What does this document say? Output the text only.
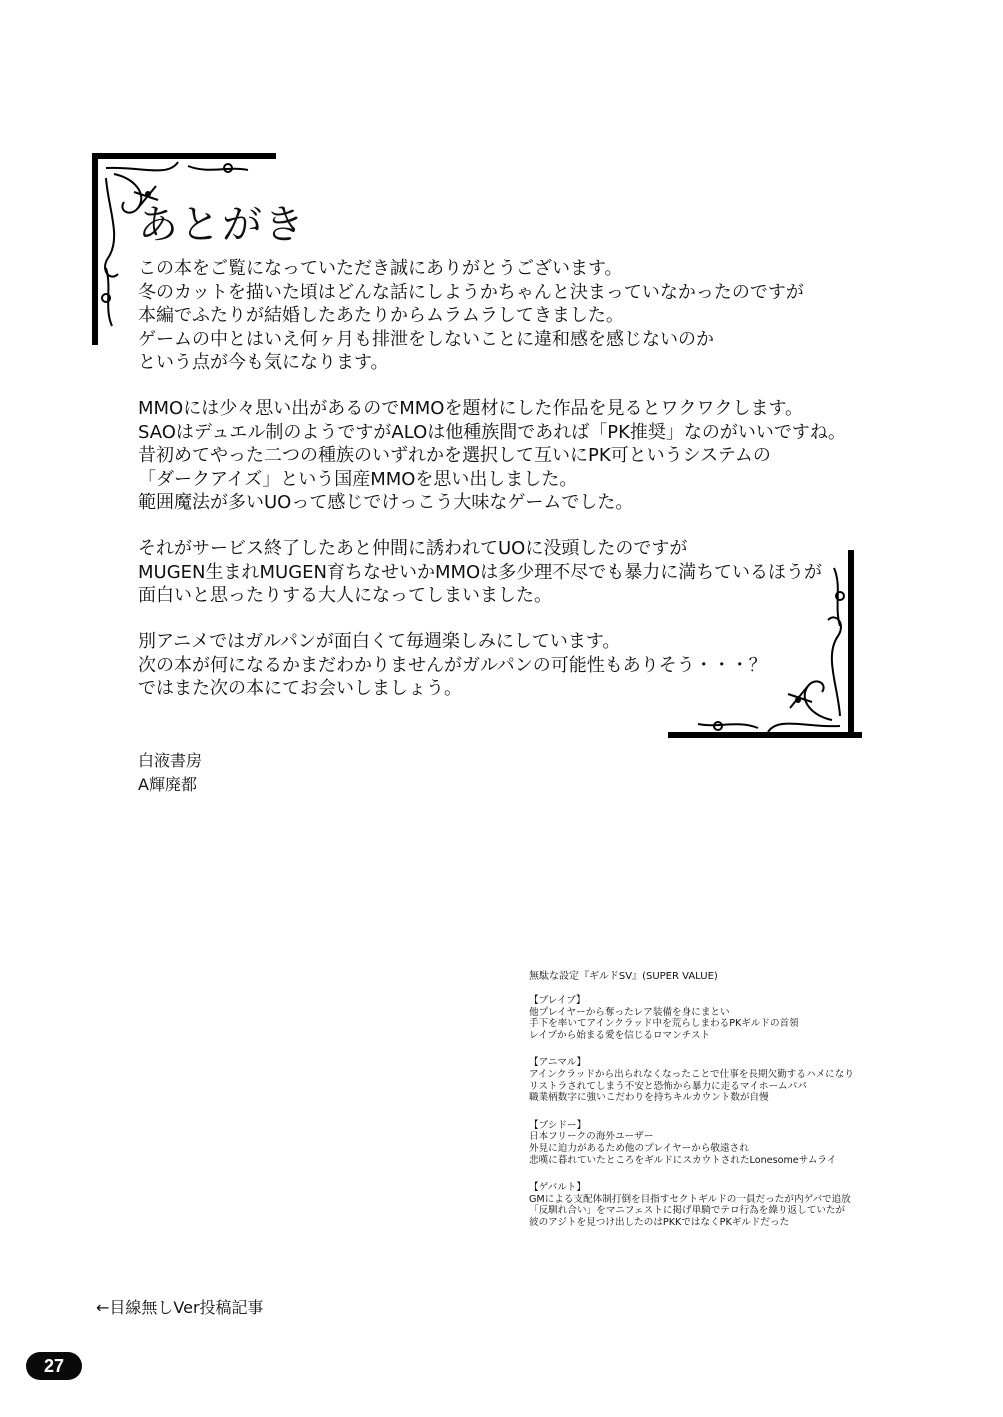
あとがき
この本をご覧になっていただき誠にありがとうございます。
冬のカットを描いた頃はどんな話にしようかちゃんと決まっていなかったのですが
本編でふたりが結婚したあたりからムラムラしてきました。
ゲームの中とはいえ何ヶ月も排泄をしないことに違和感を感じないのか
という点が今も気になります。
MMOには少々思い出があるのでMMOを題材にした作品を見るとワクワクします。
SAOはデュエル制のようですがALOは他種族間であれば「PK推奨」なのがいいですね。
昔初めてやった二つの種族のいずれかを選択して互いにPK可というシステムの
「ダークアイズ」という国産MMOを思い出しました。
範囲魔法が多いUOって感じでけっこう大味なゲームでした。
それがサービス終了したあと仲間に誘われてUOに没頭したのですが
MUGEN生まれMUGEN育ちなせいかMMOは多少理不尽でも暴力に満ちているほうが
面白いと思ったりする大人になってしまいました。
別アニメではガルパンが面白くて毎週楽しみにしています。
次の本が何になるかまだわかりませんがガルパンの可能性もありそう・・・？
ではまた次の本にてお会いしましょう。
白液書房
A輝廃都
無駄な設定『ギルドSV』(SUPER VALUE)
【ブレイブ】
他プレイヤーから奪ったレア装備を身にまとい
手下を率いてアインクラッド中を荒らしまわるPKギルドの首領
レイプから始まる愛を信じるロマンチスト
【アニマル】
アインクラッドから出られなくなったことで仕事を長期欠勤するハメになり
リストラされてしまう不安と恐怖から暴力に走るマイホームパパ
職業柄数字に強いこだわりを持ちキルカウント数が自慢
【ブシドー】
日本フリークの海外ユーザー
外見に迫力があるため他のプレイヤーから敬遠され
悲嘆に暮れていたところをギルドにスカウトされたLonesomeサムライ
【ゲバルト】
GMによる支配体制打倒を目指すセクトギルドの一員だったが内ゲバで追放
「反馴れ合い」をマニフェストに掲げ単騎でテロ行為を繰り返していたが
彼のアジトを見つけ出したのはPKKではなくPKギルドだった
←目線無しVer投稿記事
27
